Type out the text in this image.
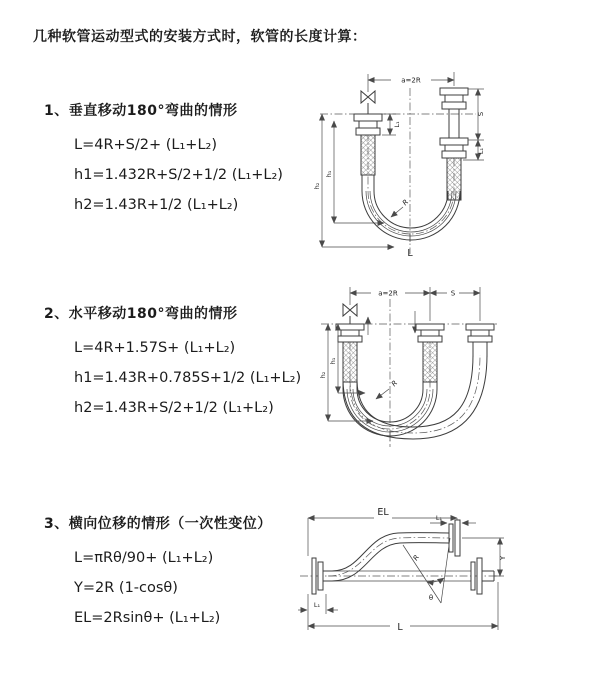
几种软管运动型式的安装方式时，软管的长度计算：
1、垂直移动180°弯曲的情形
L=4R+S/2+ (L₁+L₂)
h1=1.432R+S/2+1/2 (L₁+L₂)
h2=1.43R+1/2 (L₁+L₂)
2、水平移动180°弯曲的情形
L=4R+1.57S+ (L₁+L₂)
h1=1.43R+0.785S+1/2 (L₁+L₂)
h2=1.43R+S/2+1/2 (L₁+L₂)
3、横向位移的情形（一次性变位）
L=πRθ/90+ (L₁+L₂)
Y=2R (1-cosθ)
EL=2Rsinθ+ (L₁+L₂)
a=2R
L₁
S
L₁
h₂
h₁
R
L
a=2R	S
h₂
h₁
R
EL	L₁
Y
θ
R
L₁
L
